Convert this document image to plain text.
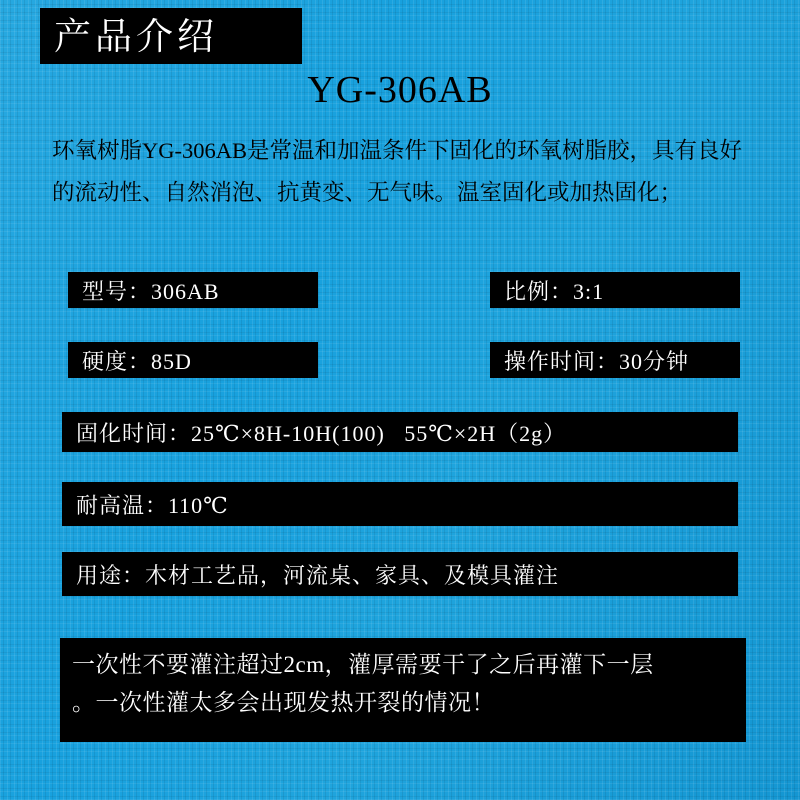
产品介绍
YG-306AB
环氧树脂YG-306AB是常温和加温条件下固化的环氧树脂胶，具有良好的流动性、自然消泡、抗黄变、无气味。温室固化或加热固化；
型号：306AB	比例：3:1
硬度：85D	操作时间：30分钟
固化时间：25℃×8H-10H(100)   55℃×2H（2g）
耐高温：110℃
用途：木材工艺品，河流桌、家具、及模具灌注
一次性不要灌注超过2cm，灌厚需要干了之后再灌下一层
。一次性灌太多会出现发热开裂的情况！
